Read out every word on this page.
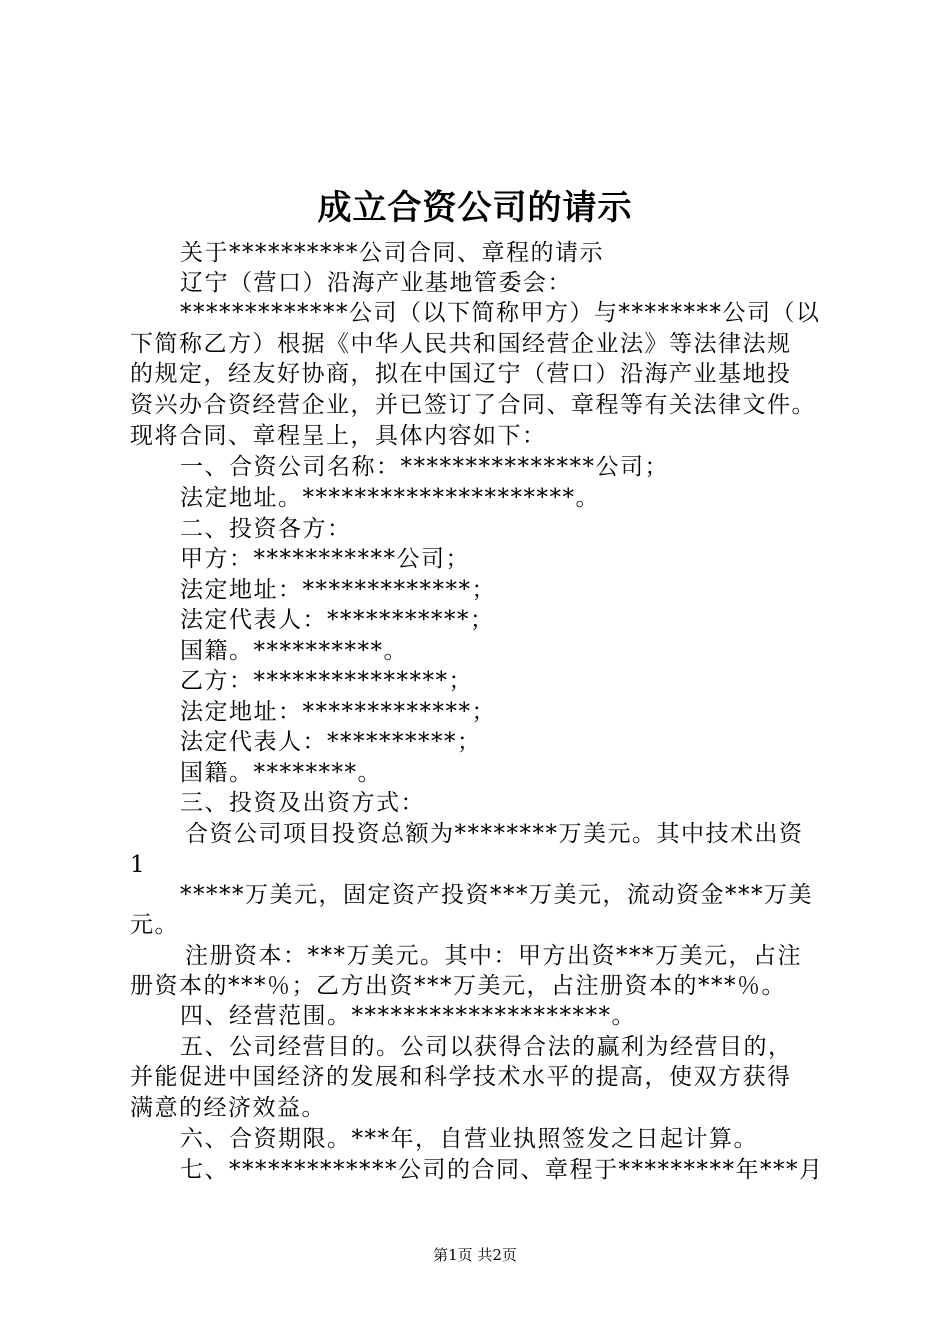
成立合资公司的请示
关于**********公司合同、章程的请示
辽宁（营口）沿海产业基地管委会：
*************公司（以下简称甲方）与********公司（以
下简称乙方）根据《中华人民共和国经营企业法》等法律法规
的规定，经友好协商，拟在中国辽宁（营口）沿海产业基地投
资兴办合资经营企业，并已签订了合同、章程等有关法律文件。
现将合同、章程呈上，具体内容如下：
一、合资公司名称：***************公司；
法定地址。*********************。
二、投资各方：
甲方：***********公司；
法定地址：*************；
法定代表人：***********；
国籍。**********。
乙方：***************；
法定地址：*************；
法定代表人：**********；
国籍。********。
三、投资及出资方式：
合资公司项目投资总额为********万美元。其中技术出资
1
*****万美元，固定资产投资***万美元，流动资金***万美
元。
注册资本：***万美元。其中：甲方出资***万美元，占注
册资本的***％；乙方出资***万美元，占注册资本的***％。
四、经营范围。********************。
五、公司经营目的。公司以获得合法的赢利为经营目的，
并能促进中国经济的发展和科学技术水平的提高，使双方获得
满意的经济效益。
六、合资期限。***年，自营业执照签发之日起计算。
七、*************公司的合同、章程于*********年***月
第1页 共2页
